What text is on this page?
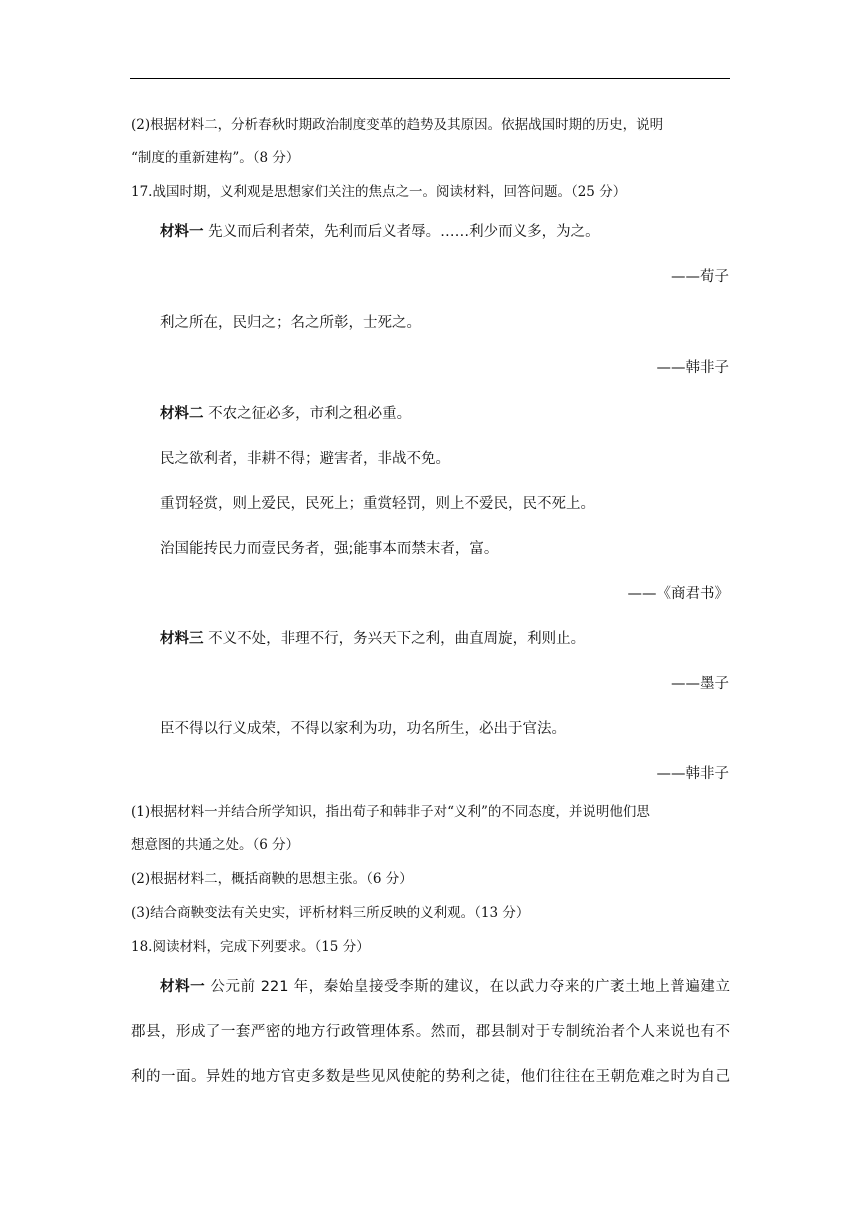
(2)根据材料二，分析春秋时期政治制度变革的趋势及其原因。依据战国时期的历史，说明
“制度的重新建构”。（8 分）
17.战国时期，义利观是思想家们关注的焦点之一。阅读材料，回答问题。（25 分）
材料一 先义而后利者荣，先利而后义者辱。……利少而义多，为之。
——荀子
利之所在，民归之；名之所彰，士死之。
——韩非子
材料二 不农之征必多，市利之租必重。
民之欲利者，非耕不得；避害者，非战不免。
重罚轻赏，则上爱民，民死上；重赏轻罚，则上不爱民，民不死上。
治国能抟民力而壹民务者，强;能事本而禁末者，富。
——《商君书》
材料三 不义不处，非理不行，务兴天下之利，曲直周旋，利则止。
——墨子
臣不得以行义成荣，不得以家利为功，功名所生，必出于官法。
——韩非子
(1)根据材料一并结合所学知识，指出荀子和韩非子对“义利”的不同态度，并说明他们思
想意图的共通之处。（6 分）
(2)根据材料二，概括商鞅的思想主张。（6 分）
(3)结合商鞅变法有关史实，评析材料三所反映的义利观。（13 分）
18.阅读材料，完成下列要求。（15 分）
材料一 公元前 221 年，秦始皇接受李斯的建议，在以武力夺来的广袤土地上普遍建立
郡县，形成了一套严密的地方行政管理体系。然而，郡县制对于专制统治者个人来说也有不
利的一面。异姓的地方官吏多数是些见风使舵的势利之徒，他们往往在王朝危难之时为自己
